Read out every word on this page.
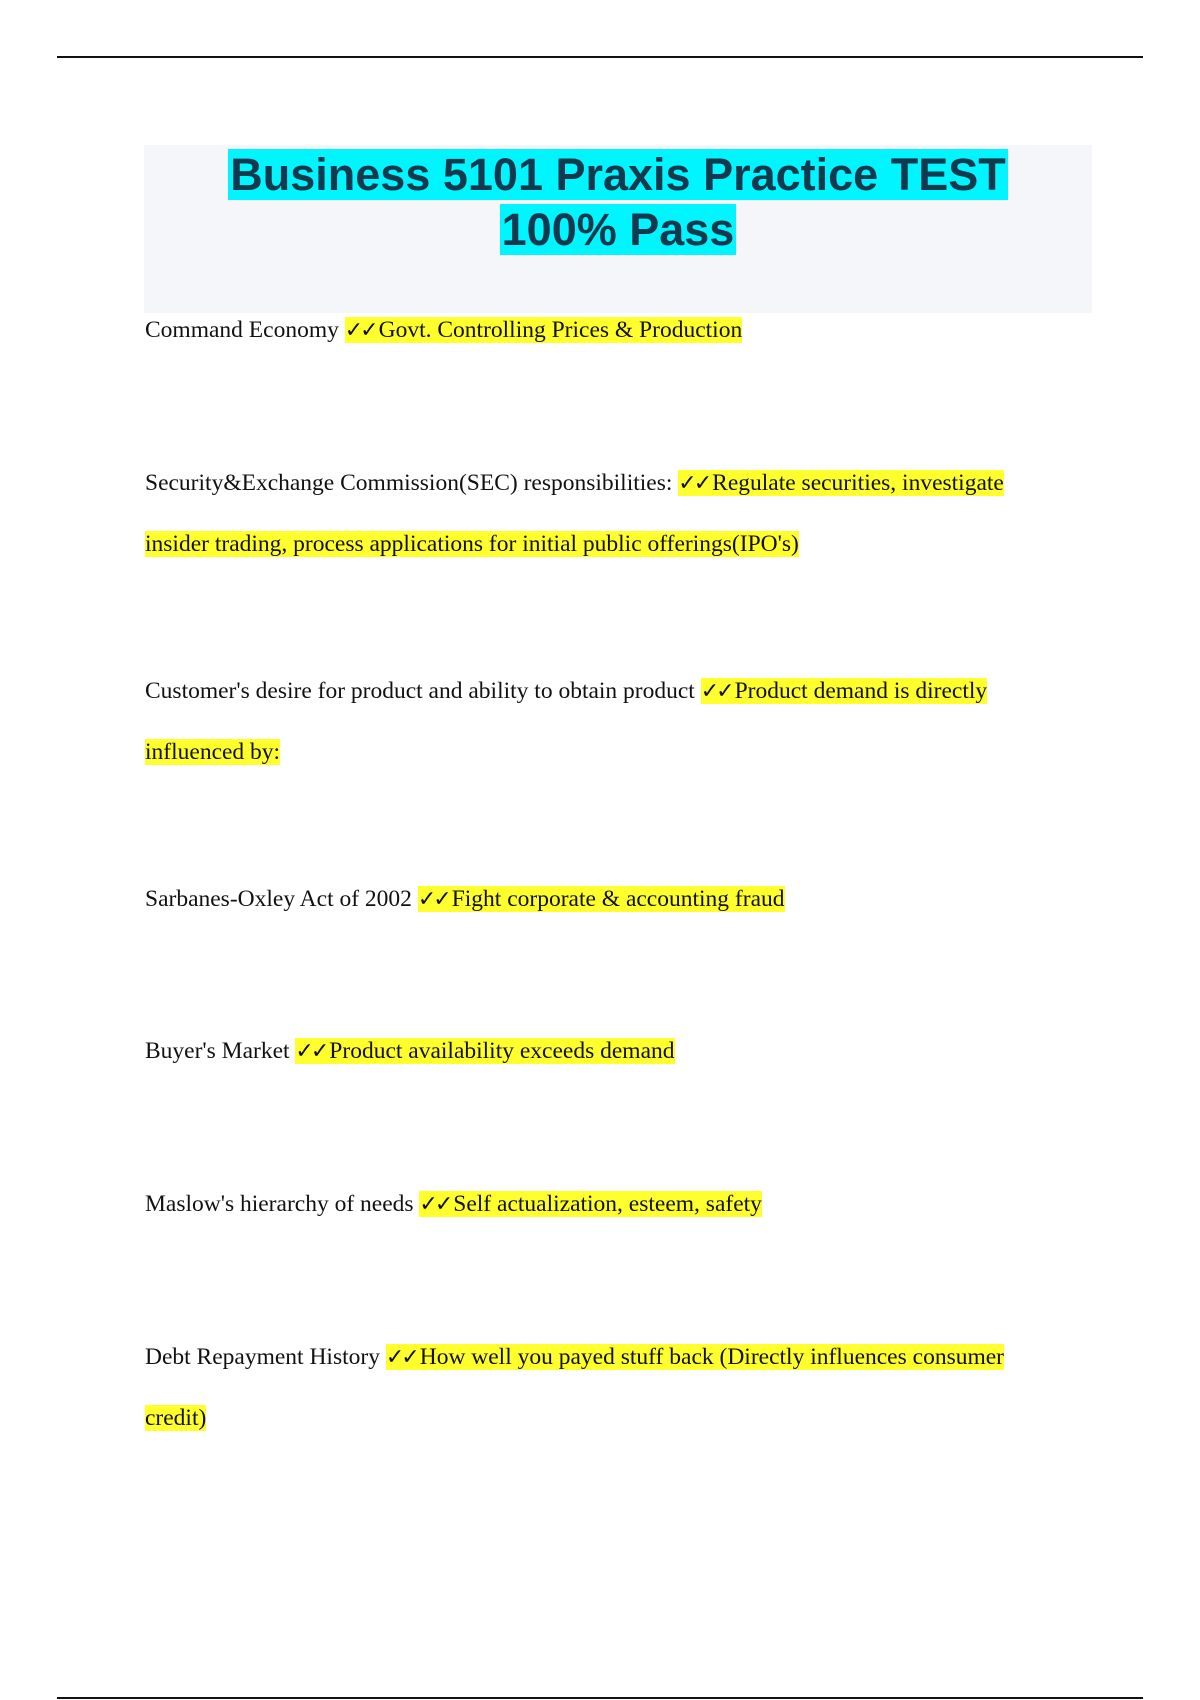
Business 5101 Praxis Practice TEST
100% Pass

Command Economy ✓✓ Govt. Controlling Prices & Production

Security&Exchange Commission(SEC) responsibilities: ✓✓ Regulate securities, investigate insider trading, process applications for initial public offerings(IPO's)

Customer's desire for product and ability to obtain product ✓✓ Product demand is directly influenced by:

Sarbanes-Oxley Act of 2002 ✓✓ Fight corporate & accounting fraud

Buyer's Market ✓✓ Product availability exceeds demand

Maslow's hierarchy of needs ✓✓ Self actualization, esteem, safety

Debt Repayment History ✓✓ How well you payed stuff back (Directly influences consumer credit)
